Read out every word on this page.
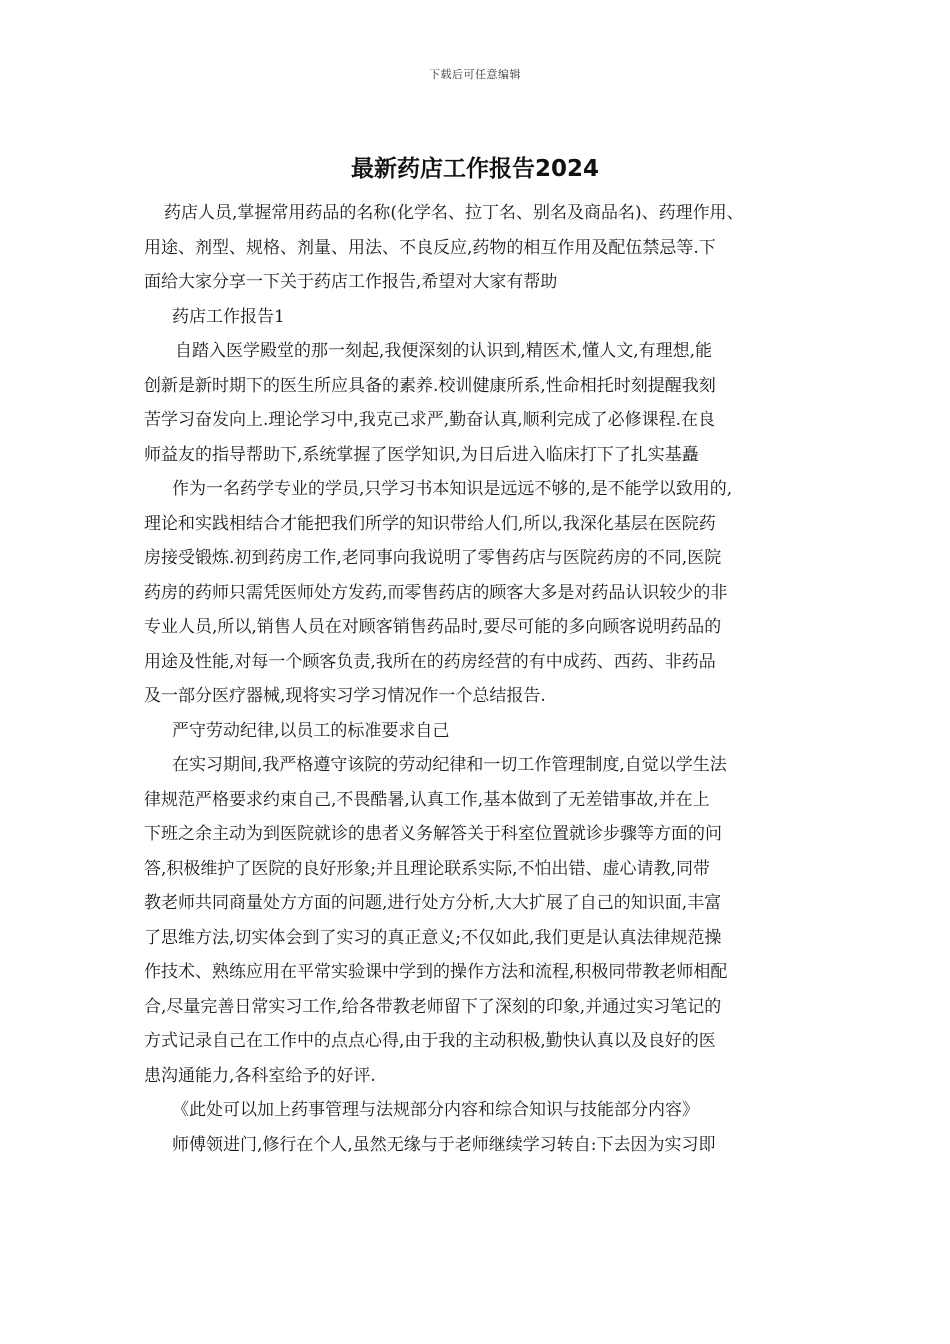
下载后可任意编辑
最新药店工作报告2024
药店人员,掌握常用药品的名称(化学名、拉丁名、别名及商品名)、药理作用、
用途、剂型、规格、剂量、用法、不良反应,药物的相互作用及配伍禁忌等.下
面给大家分享一下关于药店工作报告,希望对大家有帮助
药店工作报告1
自踏入医学殿堂的那一刻起,我便深刻的认识到,精医术,懂人文,有理想,能
创新是新时期下的医生所应具备的素养.校训健康所系,性命相托时刻提醒我刻
苦学习奋发向上.理论学习中,我克己求严,勤奋认真,顺利完成了必修课程.在良
师益友的指导帮助下,系统掌握了医学知识,为日后进入临床打下了扎实基矗
作为一名药学专业的学员,只学习书本知识是远远不够的,是不能学以致用的,
理论和实践相结合才能把我们所学的知识带给人们,所以,我深化基层在医院药
房接受锻炼.初到药房工作,老同事向我说明了零售药店与医院药房的不同,医院
药房的药师只需凭医师处方发药,而零售药店的顾客大多是对药品认识较少的非
专业人员,所以,销售人员在对顾客销售药品时,要尽可能的多向顾客说明药品的
用途及性能,对每一个顾客负责,我所在的药房经营的有中成药、西药、非药品
及一部分医疗器械,现将实习学习情况作一个总结报告.
严守劳动纪律,以员工的标准要求自己
在实习期间,我严格遵守该院的劳动纪律和一切工作管理制度,自觉以学生法
律规范严格要求约束自己,不畏酷暑,认真工作,基本做到了无差错事故,并在上
下班之余主动为到医院就诊的患者义务解答关于科室位置就诊步骤等方面的问
答,积极维护了医院的良好形象;并且理论联系实际,不怕出错、虚心请教,同带
教老师共同商量处方方面的问题,进行处方分析,大大扩展了自己的知识面,丰富
了思维方法,切实体会到了实习的真正意义;不仅如此,我们更是认真法律规范操
作技术、熟练应用在平常实验课中学到的操作方法和流程,积极同带教老师相配
合,尽量完善日常实习工作,给各带教老师留下了深刻的印象,并通过实习笔记的
方式记录自己在工作中的点点心得,由于我的主动积极,勤快认真以及良好的医
患沟通能力,各科室给予的好评.
《此处可以加上药事管理与法规部分内容和综合知识与技能部分内容》
师傅领进门,修行在个人,虽然无缘与于老师继续学习转自:下去因为实习即
